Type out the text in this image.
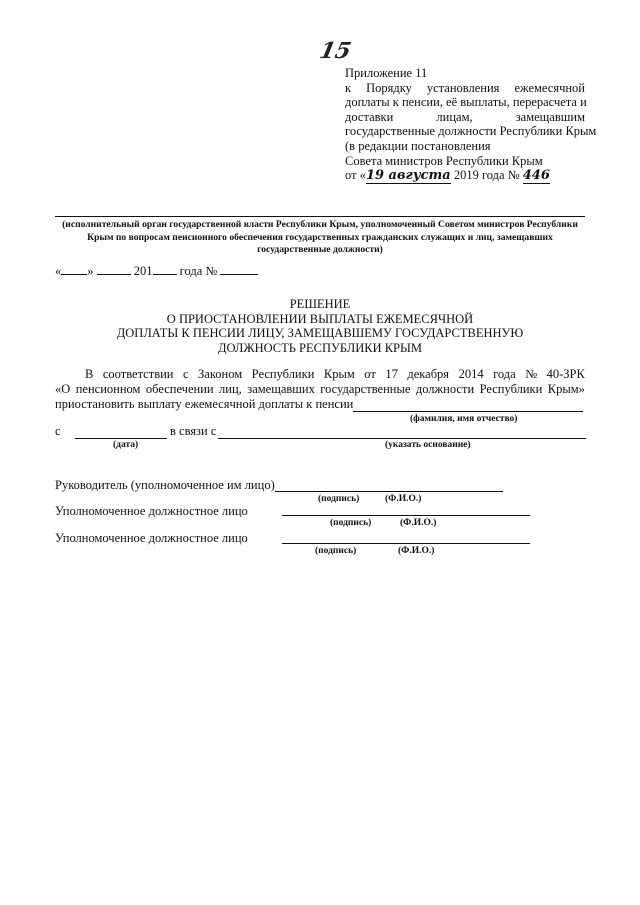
15
Приложение 11
к Порядку установления ежемесячной
доплаты к пенсии, её выплаты, перерасчета и
доставки	лицам,	замещавшим
государственные должности Республики Крым
(в редакции постановления
Совета министров Республики Крым
от «19 августа 2019 года № 446
(исполнительный орган государственной власти Республики Крым, уполномоченный Советом министров Республики Крым по вопросам пенсионного обеспечения государственных гражданских служащих и лиц, замещавших государственные должности)
« »	201 года №
РЕШЕНИЕ
О ПРИОСТАНОВЛЕНИИ ВЫПЛАТЫ ЕЖЕМЕСЯЧНОЙ
ДОПЛАТЫ К ПЕНСИИ ЛИЦУ, ЗАМЕЩАВШЕМУ ГОСУДАРСТВЕННУЮ
ДОЛЖНОСТЬ РЕСПУБЛИКИ КРЫМ
В соответствии с Законом Республики Крым от 17 декабря 2014 года № 40-ЗРК
«О пенсионном обеспечении лиц, замещавших государственные должности Республики Крым»
приостановить выплату ежемесячной доплаты к пенсии
(фамилия, имя отчество)
с	в связи с
(дата)	(указать основание)
Руководитель (уполномоченное им лицо)
(подпись)	(Ф.И.О.)
Уполномоченное должностное лицо
(подпись)	(Ф.И.О.)
Уполномоченное должностное лицо
(подпись)	(Ф.И.О.)
